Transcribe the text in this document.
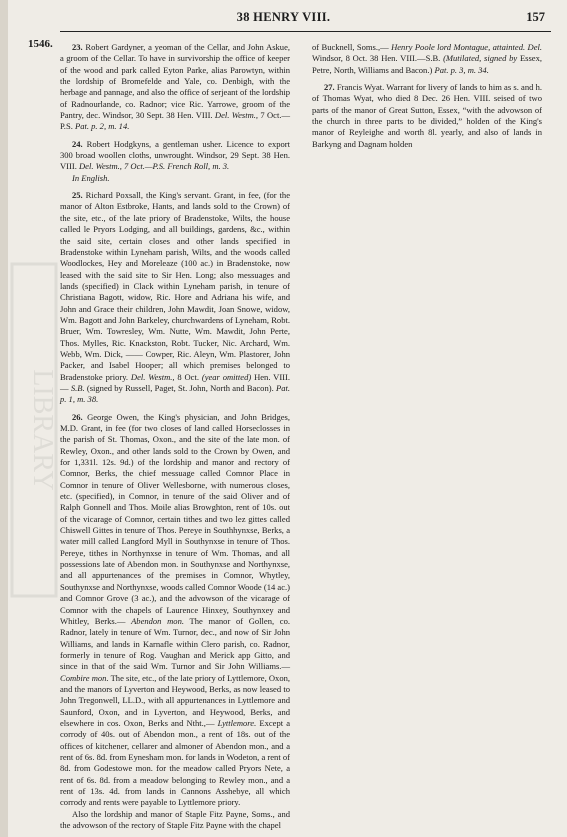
LIBRARY
38 HENRY VIII.	157
1546.	23. Robert Gardyner, a yeoman of the Cellar, and John Askue, a groom of the Cellar. To have in survivorship the office of keeper of the wood and park called Eyton Parke, alias Parowtyn, within the lordship of Bromefelde and Yale, co. Denbigh, with the herbage and pannage, and also the office of serjeant of the lordship of Radnourlande, co. Radnor; vice Ric. Yarrowe, groom of the Pantry, dec. Windsor, 30 Sept. 38 Hen. VIII. Del. Westm., 7 Oct.—P.S. Pat. p. 2, m. 14.

24. Robert Hodgkyns, a gentleman usher. Licence to export 300 broad woollen cloths, unwrought. Windsor, 29 Sept. 38 Hen. VIII. Del. Westm., 7 Oct.—P.S. French Roll, m. 3.

In English.

25. Richard Poxsall, the King's servant. Grant, in fee, (for the manor of Alton Estbroke, Hants, and lands sold to the Crown) of the site, etc., of the late priory of Bradenstoke, Wilts, the house called le Pryors Lodging, and all buildings, gardens, &c., within the said site, certain closes and other lands specified in Bradenstoke within Lyneham parish, Wilts, and the woods called Woodlockes, Hey and Moreleaze (100 ac.) in Bradenstoke, now leased with the said site to Sir Hen. Long; also messuages and lands (specified) in Clack within Lyneham parish, in tenure of Christiana Bagott, widow, Ric. Hore and Adriana his wife, and John and Grace their children, John Mawdit, Joan Snowe, widow, Wm. Bagott and John Barkeley, churchwardens of Lyneham, Robt. Bruer, Wm. Towresley, Wm. Nutte, Wm. Mawdit, John Perte, Thos. Mylles, Ric. Knackston, Robt. Tucker, Nic. Archard, Wm. Webb, Wm. Dick, —— Cowper, Ric. Aleyn, Wm. Plastorer, John Packer, and Isabel Hooper; all which premises belonged to Bradenstoke priory. Del. Westm., 8 Oct. (year omitted) Hen. VIII.— S.B. (signed by Russell, Paget, St. John, North and Bacon). Pat. p. 1, m. 38.

26. George Owen, the King's physician, and John Bridges, M.D. Grant, in fee (for two closes of land called Horseclosses in the parish of St. Thomas, Oxon., and the site of the late mon. of Rewley, Oxon., and other lands sold to the Crown by Owen, and for 1,331l. 12s. 9d.) of the lordship and manor and rectory of Comnor, Berks, the chief messuage called Comnor Place in Comnor in tenure of Oliver Wellesborne, with numerous closes, etc. (specified), in Comnor, in tenure of the said Oliver and of Ralph Gonnell and Thos. Moile alias Browghton, rent of 10s. out of the vicarage of Comnor, certain tithes and two lez gittes called Chiswell Gittes in tenure of Thos. Pereye in Southhynxse, Berks, a water mill called Langford Myll in Southynxse in tenure of Thos. Pereye, tithes in Northynxse in tenure of Wm. Thomas, and all possessions late of Abendon mon. in Southynxse and Northynxse, and all appurtenances of the premises in Comnor, Whytley, Southynxse and Northynxse, woods called Comnor Woode (14 ac.) and Comnor Grove (3 ac.), and the advowson of the vicarage of Comnor with the chapels of Laurence Hinxey, Southynxey and Whitley, Berks.— Abendon mon. The manor of Gollen, co. Radnor, lately in tenure of Wm. Turnor, dec., and now of Sir John Williams, and lands in Karnafle within Clero parish, co. Radnor, formerly in tenure of Rog. Vaughan and Merick app Gitto, and since in that of the said Wm. Turnor and Sir John Williams.— Combire mon. The site, etc., of the late priory of Lyttlemore, Oxon, and the manors of Lyverton and Heywood, Berks, as now leased to John Tregonwell, LL.D., with all appurtenances in Lyttlemore and Saunford, Oxon, and in Lyverton, and Heywood, Berks, and elsewhere in cos. Oxon, Berks and Ntht.,— Lyttlemore. Except a corrody of 40s. out of Abendon mon., a rent of 18s. out of the offices of kitchener, cellarer and almoner of Abendon mon., and a rent of 6s. 8d. from Eynesham mon. for lands in Wodeton, a rent of 8d. from Godestowe mon. for the meadow called Pryors Nete, a rent of 6s. 8d. from a meadow belonging to Rewley mon., and a rent of 13s. 4d. from lands in Cannons Asshebye, all which corrody and rents were payable to Lyttlemore priory.

Also the lordship and manor of Staple Fitz Payne, Soms., and the advowson of the rectory of Staple Fitz Payne with the chapel

of Bucknell, Soms.,— Henry Poole lord Montague, attainted. Del. Windsor, 8 Oct. 38 Hen. VIII.—S.B. (Mutilated, signed by Essex, Petre, North, Williams and Bacon.) Pat. p. 3, m. 34.

27. Francis Wyat. Warrant for livery of lands to him as s. and h. of Thomas Wyat, who died 8 Dec. 26 Hen. VIII. seised of two parts of the manor of Great Sutton, Essex, “with the advowson of the church in three parts to be divided,” holden of the King's manor of Reyleighe and worth 8l. yearly, and also of lands in Barkyng and Dagnam holden
